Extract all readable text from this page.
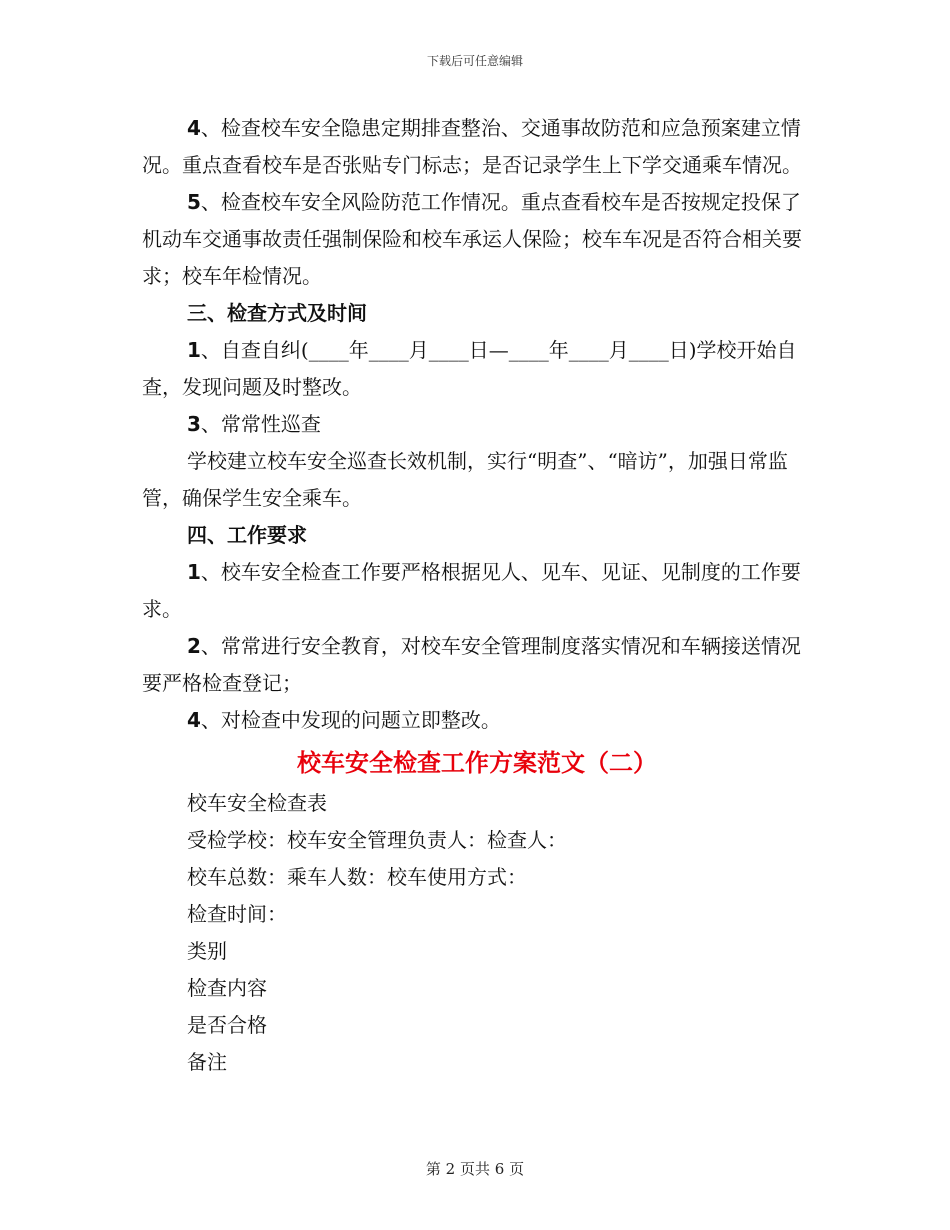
下载后可任意编辑

4、检查校车安全隐患定期排查整治、交通事故防范和应急预案建立情况。重点查看校车是否张贴专门标志；是否记录学生上下学交通乘车情况。

5、检查校车安全风险防范工作情况。重点查看校车是否按规定投保了机动车交通事故责任强制保险和校车承运人保险；校车车况是否符合相关要求；校车年检情况。

三、检查方式及时间

1、自查自纠(____年____月____日—____年____月____日)学校开始自查，发现问题及时整改。

3、常常性巡查

学校建立校车安全巡查长效机制，实行“明查”、“暗访”，加强日常监管，确保学生安全乘车。

四、工作要求

1、校车安全检查工作要严格根据见人、见车、见证、见制度的工作要求。

2、常常进行安全教育，对校车安全管理制度落实情况和车辆接送情况要严格检查登记；

4、对检查中发现的问题立即整改。

校车安全检查工作方案范文（二）

校车安全检查表

受检学校：校车安全管理负责人：检查人：

校车总数：乘车人数：校车使用方式：

检查时间：

类别

检查内容

是否合格

备注

第 2 页共 6 页
